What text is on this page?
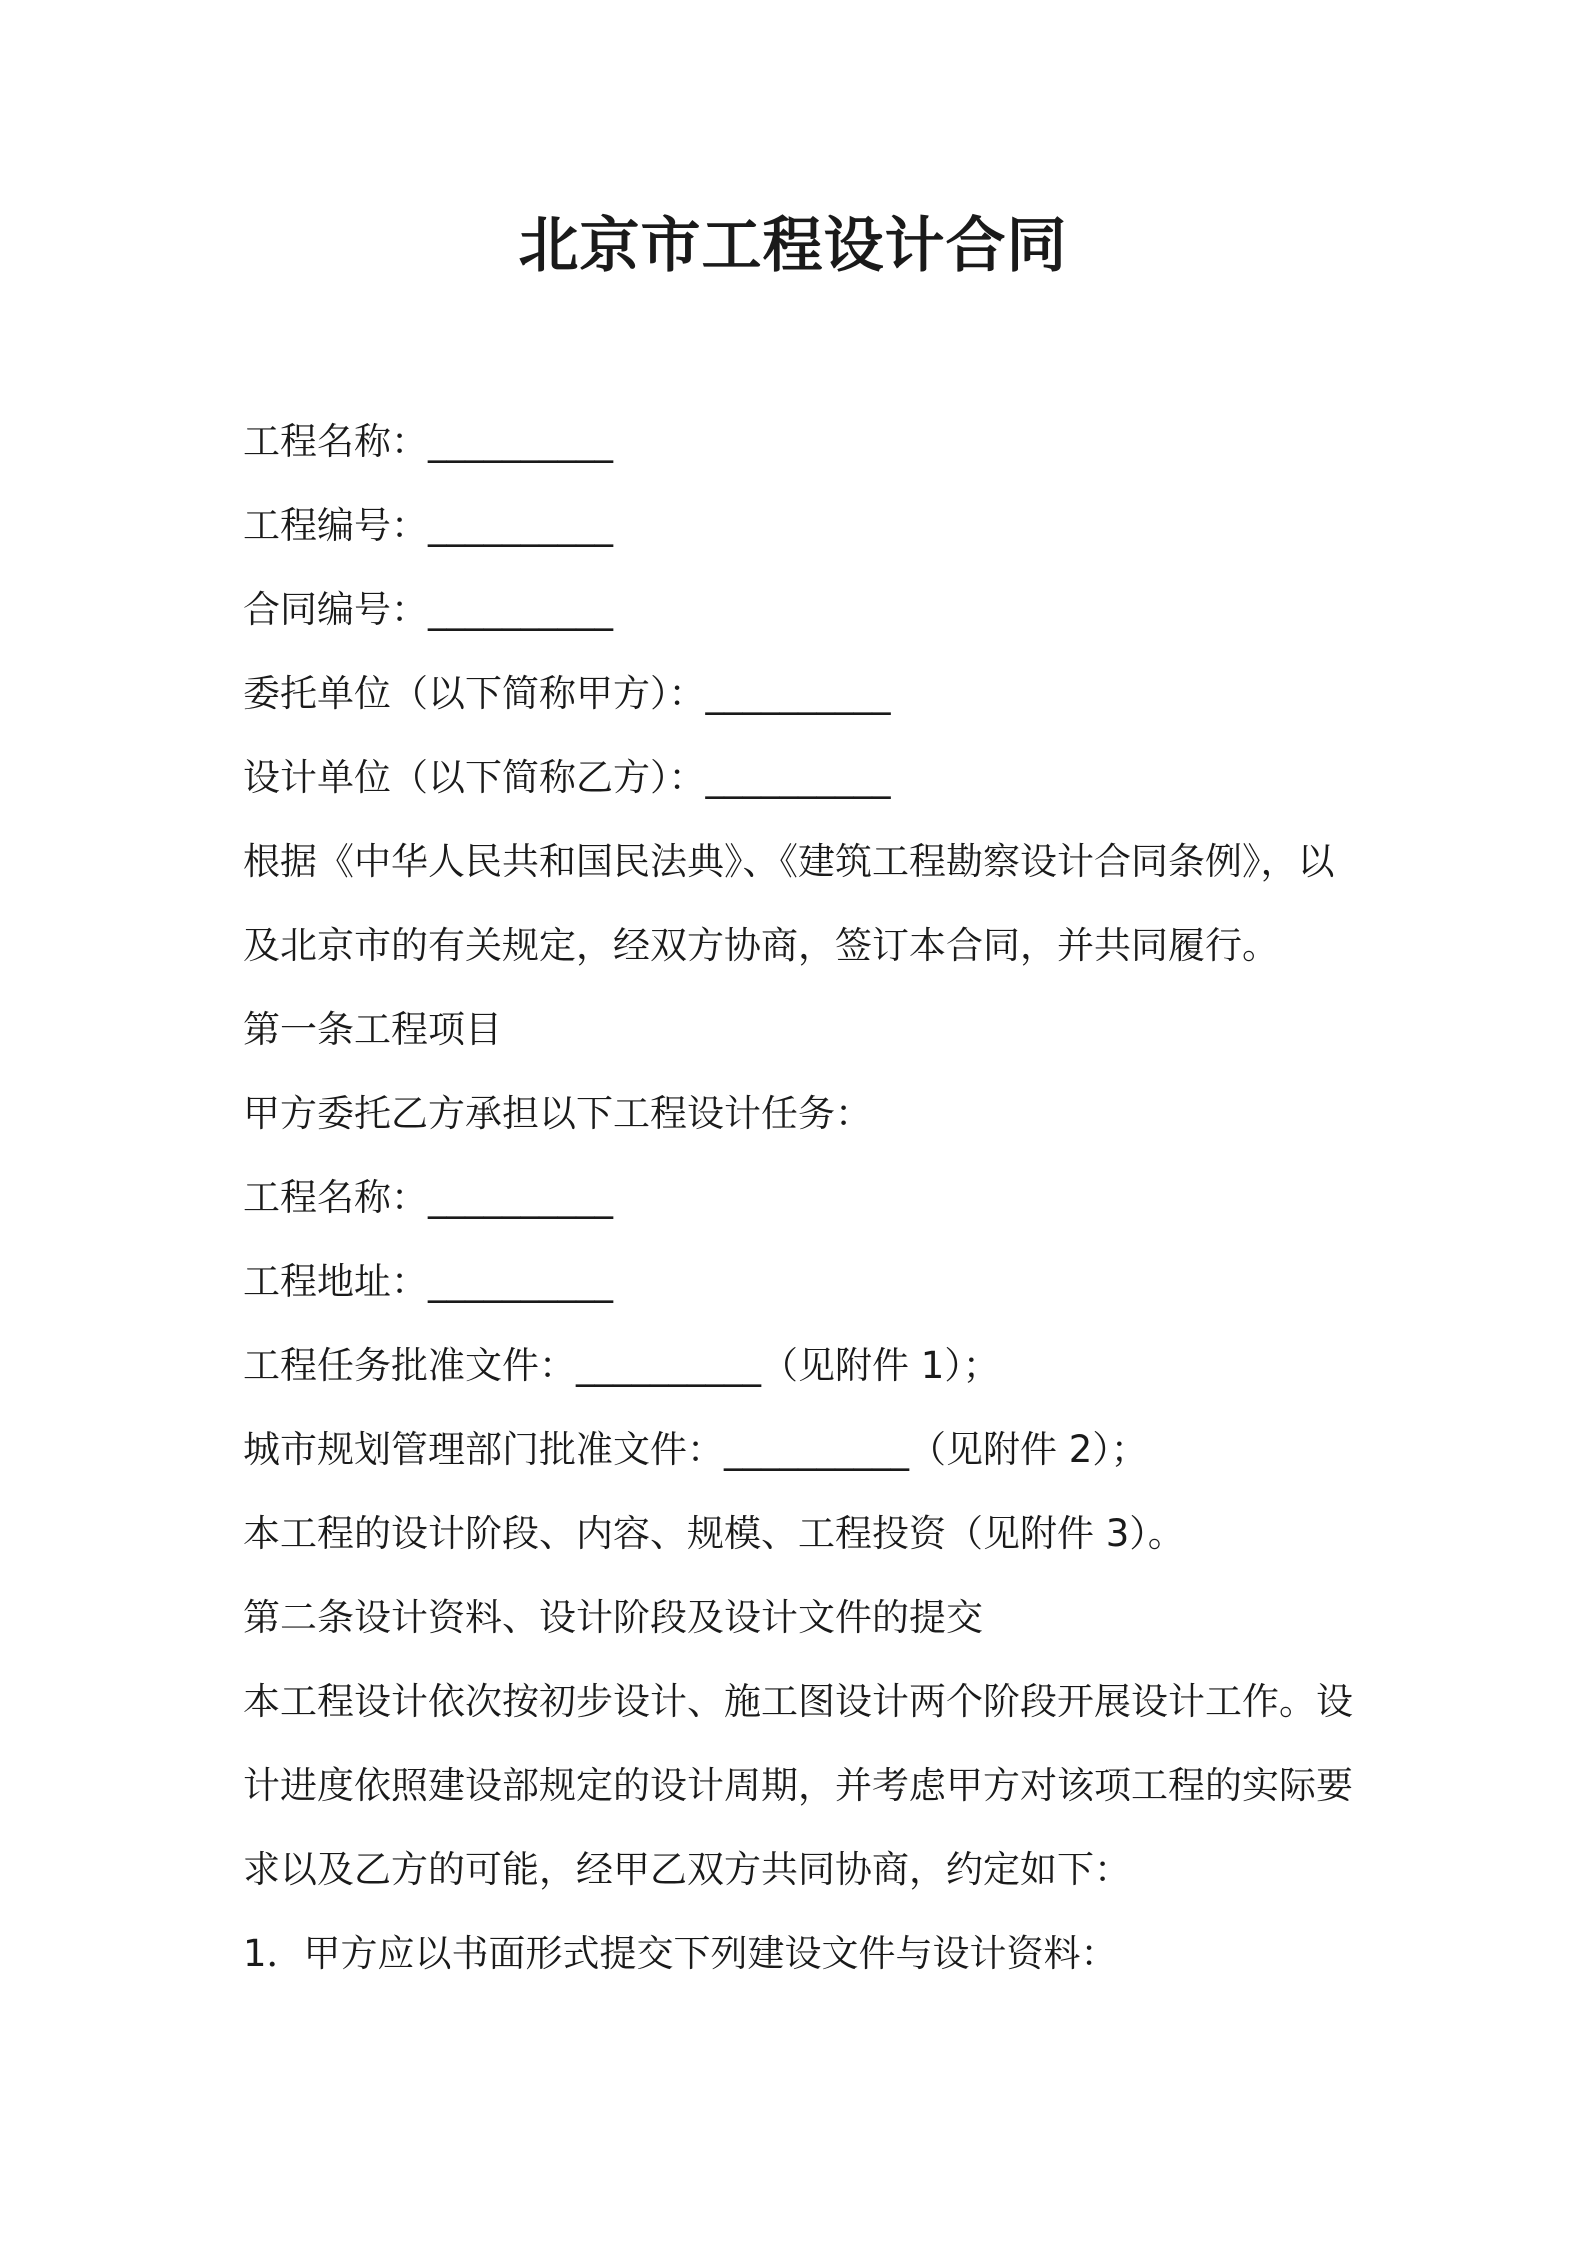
北京市工程设计合同
工程名称：__________
工程编号：__________
合同编号：__________
委托单位（以下简称甲方）：__________
设计单位（以下简称乙方）：__________
根据《中华人民共和国民法典》、《建筑工程勘察设计合同条例》，以
及北京市的有关规定，经双方协商，签订本合同，并共同履行。
第一条工程项目
甲方委托乙方承担以下工程设计任务：
工程名称：__________
工程地址：__________
工程任务批准文件：__________（见附件 1）；
城市规划管理部门批准文件：__________（见附件 2）；
本工程的设计阶段、内容、规模、工程投资（见附件 3）。
第二条设计资料、设计阶段及设计文件的提交
本工程设计依次按初步设计、施工图设计两个阶段开展设计工作。设
计进度依照建设部规定的设计周期，并考虑甲方对该项工程的实际要
求以及乙方的可能，经甲乙双方共同协商，约定如下：
1．甲方应以书面形式提交下列建设文件与设计资料：
